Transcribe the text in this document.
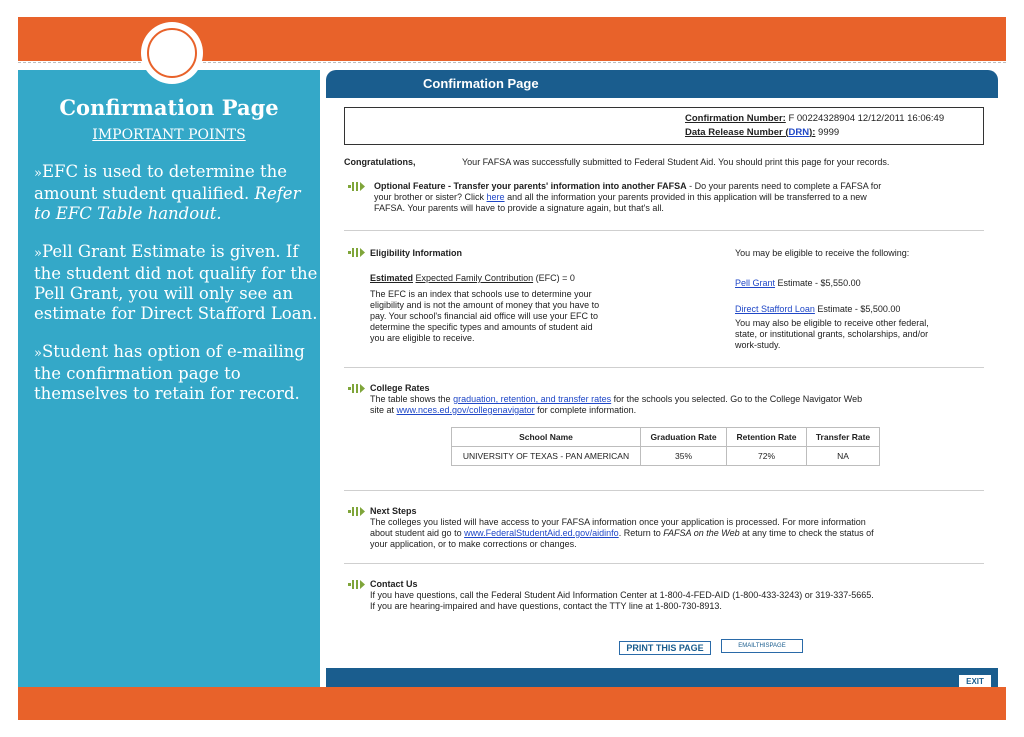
Confirmation Page
IMPORTANT POINTS

»EFC is used to determine the amount student qualified. Refer to EFC Table handout.

»Pell Grant Estimate is given. If the student did not qualify for the Pell Grant, you will only see an estimate for Direct Stafford Loan.

»Student has option of e-mailing the confirmation page to themselves to retain for record.

Confirmation Page
Confirmation Number: F 00224328904 12/12/2011 16:06:49
Data Release Number (DRN): 9999
Congratulations,	Your FAFSA was successfully submitted to Federal Student Aid. You should print this page for your records.
Optional Feature - Transfer your parents' information into another FAFSA - Do your parents need to complete a FAFSA for
your brother or sister? Click here and all the information your parents provided in this application will be transferred to a new
FAFSA. Your parents will have to provide a signature again, but that's all.
Eligibility Information	You may be eligible to receive the following:
Estimated Expected Family Contribution (EFC) = 0
The EFC is an index that schools use to determine your
eligibility and is not the amount of money that you have to
pay. Your school's financial aid office will use your EFC to
determine the specific types and amounts of student aid
you are eligible to receive.
Pell Grant Estimate - $5,550.00
Direct Stafford Loan Estimate - $5,500.00
You may also be eligible to receive other federal,
state, or institutional grants, scholarships, and/or
work-study.
College Rates
The table shows the graduation, retention, and transfer rates for the schools you selected. Go to the College Navigator Web
site at www.nces.ed.gov/collegenavigator for complete information.
School Name	Graduation Rate	Retention Rate	Transfer Rate
UNIVERSITY OF TEXAS - PAN AMERICAN	35%	72%	NA
Next Steps
The colleges you listed will have access to your FAFSA information once your application is processed. For more information
about student aid go to www.FederalStudentAid.ed.gov/aidinfo. Return to FAFSA on the Web at any time to check the status of
your application, or to make corrections or changes.
Contact Us
If you have questions, call the Federal Student Aid Information Center at 1-800-4-FED-AID (1-800-433-3243) or 319-337-5665.
If you are hearing-impaired and have questions, contact the TTY line at 1-800-730-8913.
PRINT THIS PAGE	EMAILTHISPAGE
EXIT
